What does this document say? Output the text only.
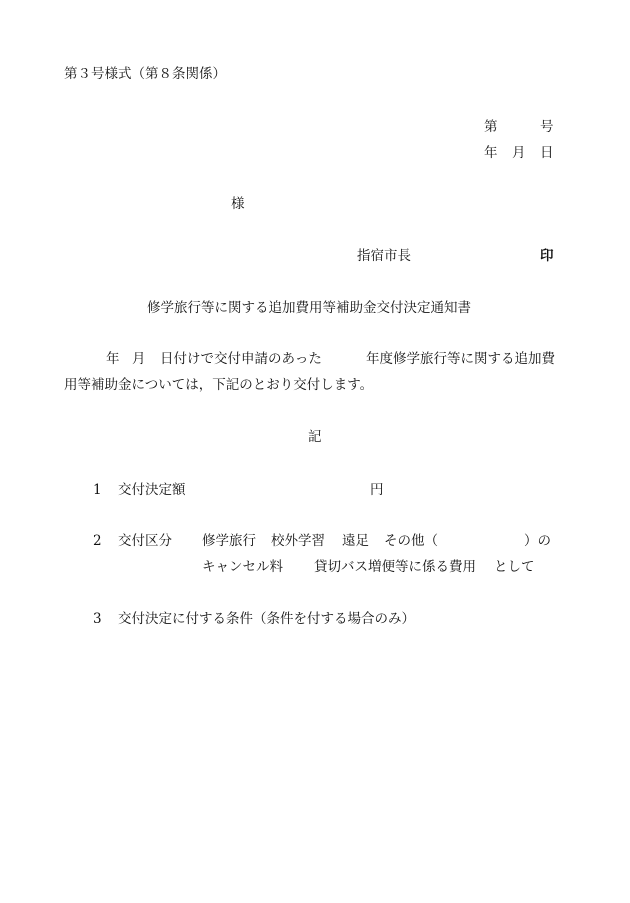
第３号様式（第８条関係）
第	号
年 月 日
様
指宿市長	印
修学旅行等に関する追加費用等補助金交付決定通知書
年 月 日付けで交付申請のあった	年度修学旅行等に関する追加費
用等補助金については，下記のとおり交付します。
記
1 交付決定額	円
2 交付区分 修学旅行 校外学習 遠足 その他（	）の
キャンセル料 貸切バス増便等に係る費用 として
3 交付決定に付する条件（条件を付する場合のみ）
